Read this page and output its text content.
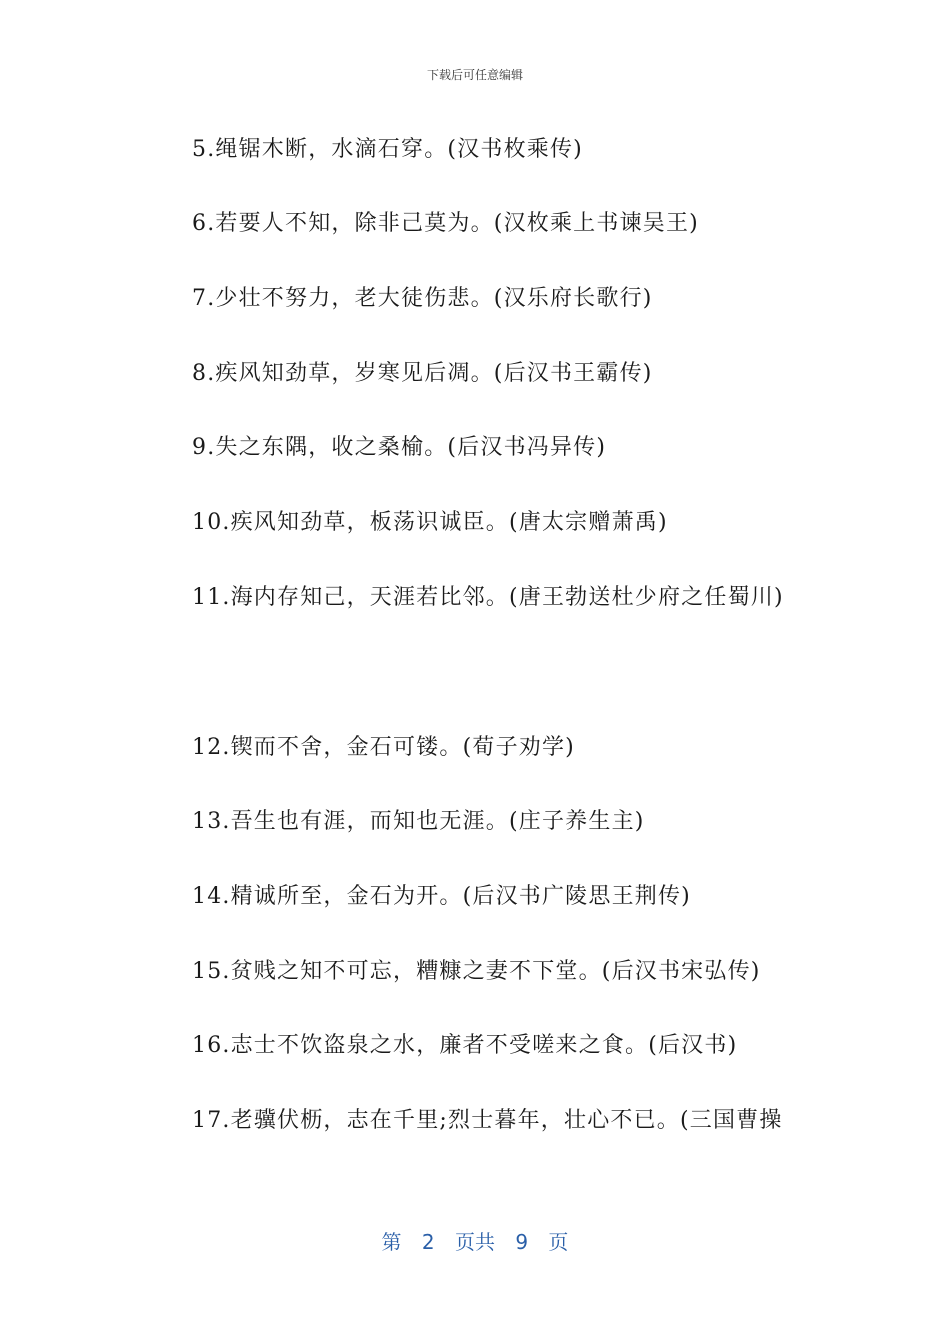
下载后可任意编辑
5.绳锯木断，水滴石穿。(汉书枚乘传)
6.若要人不知，除非己莫为。(汉枚乘上书谏吴王)
7.少壮不努力，老大徒伤悲。(汉乐府长歌行)
8.疾风知劲草，岁寒见后凋。(后汉书王霸传)
9.失之东隅，收之桑榆。(后汉书冯异传)
10.疾风知劲草，板荡识诚臣。(唐太宗赠萧禹)
11.海内存知己，天涯若比邻。(唐王勃送杜少府之任蜀川)
12.锲而不舍，金石可镂。(荀子劝学)
13.吾生也有涯，而知也无涯。(庄子养生主)
14.精诚所至，金石为开。(后汉书广陵思王荆传)
15.贫贱之知不可忘，糟糠之妻不下堂。(后汉书宋弘传)
16.志士不饮盗泉之水，廉者不受嗟来之食。(后汉书)
17.老骥伏枥，志在千里;烈士暮年，壮心不已。(三国曹操
第 2 页共 9 页
